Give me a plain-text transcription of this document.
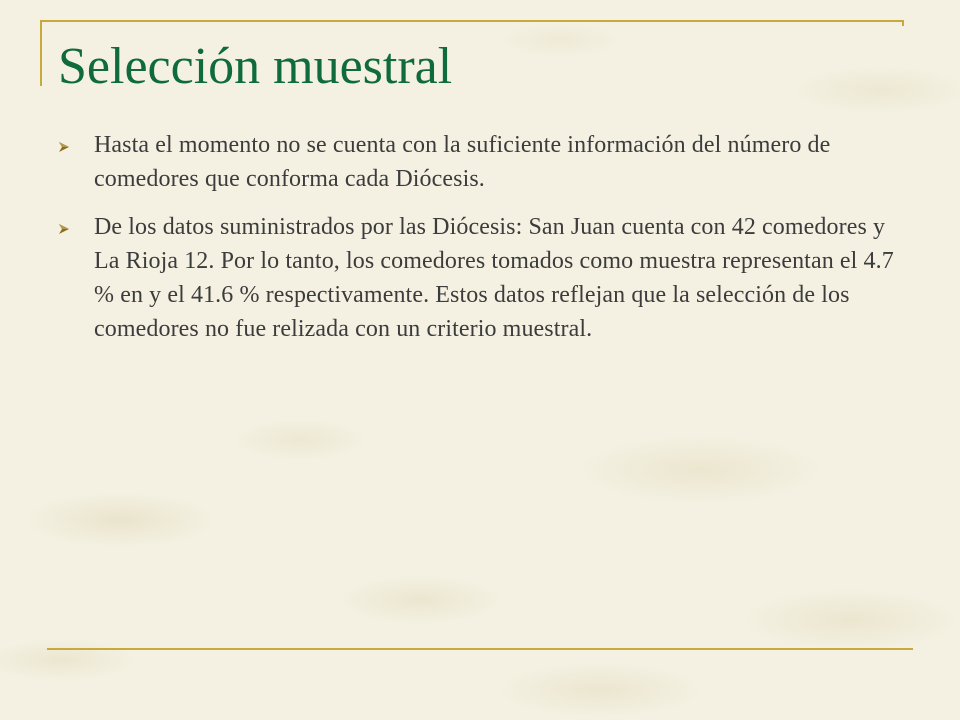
Selección muestral
Hasta el momento no se cuenta con la suficiente información del número de comedores que conforma cada Diócesis.
De los datos suministrados por las Diócesis: San Juan cuenta con 42 comedores y La Rioja 12. Por lo tanto, los comedores tomados como muestra representan el 4.7 % en y el 41.6 % respectivamente. Estos datos reflejan que la selección de los comedores no fue relizada con un criterio muestral.
